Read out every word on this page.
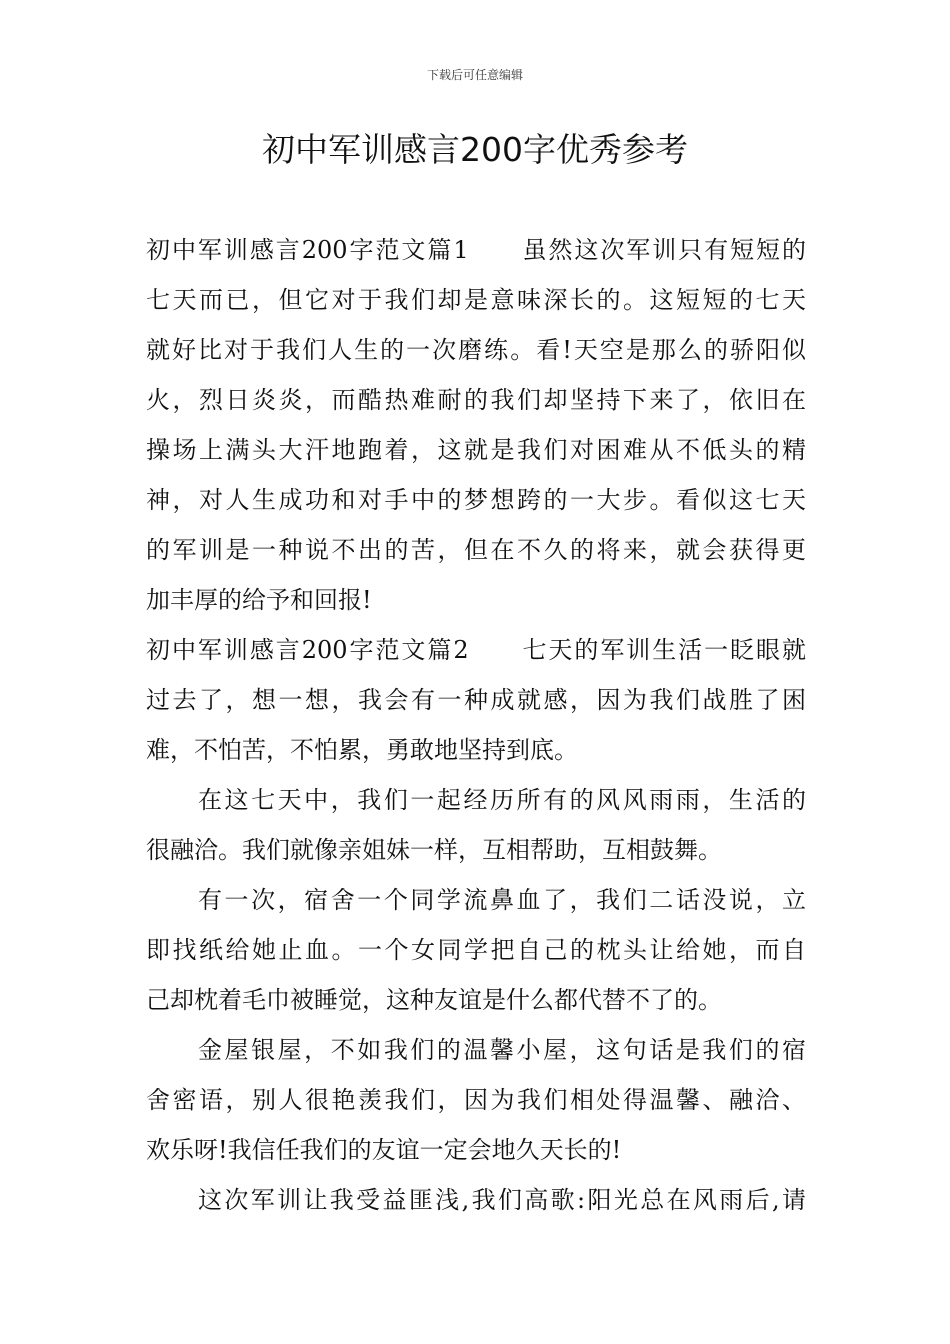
下载后可任意编辑
初中军训感言200字优秀参考
初中军训感言200字范文篇1　　虽然这次军训只有短短的
七天而已，但它对于我们却是意味深长的。这短短的七天
就好比对于我们人生的一次磨练。看!天空是那么的骄阳似
火，烈日炎炎，而酷热难耐的我们却坚持下来了，依旧在
操场上满头大汗地跑着，这就是我们对困难从不低头的精
神，对人生成功和对手中的梦想跨的一大步。看似这七天
的军训是一种说不出的苦，但在不久的将来，就会获得更
加丰厚的给予和回报!
初中军训感言200字范文篇2　　七天的军训生活一眨眼就
过去了，想一想，我会有一种成就感，因为我们战胜了困
难，不怕苦，不怕累，勇敢地坚持到底。
在这七天中，我们一起经历所有的风风雨雨，生活的
很融洽。我们就像亲姐妹一样，互相帮助，互相鼓舞。
有一次，宿舍一个同学流鼻血了，我们二话没说，立
即找纸给她止血。一个女同学把自己的枕头让给她，而自
己却枕着毛巾被睡觉，这种友谊是什么都代替不了的。
金屋银屋，不如我们的温馨小屋，这句话是我们的宿
舍密语，别人很艳羡我们，因为我们相处得温馨、融洽、
欢乐呀!我信任我们的友谊一定会地久天长的!
这次军训让我受益匪浅,我们高歌:阳光总在风雨后,请
